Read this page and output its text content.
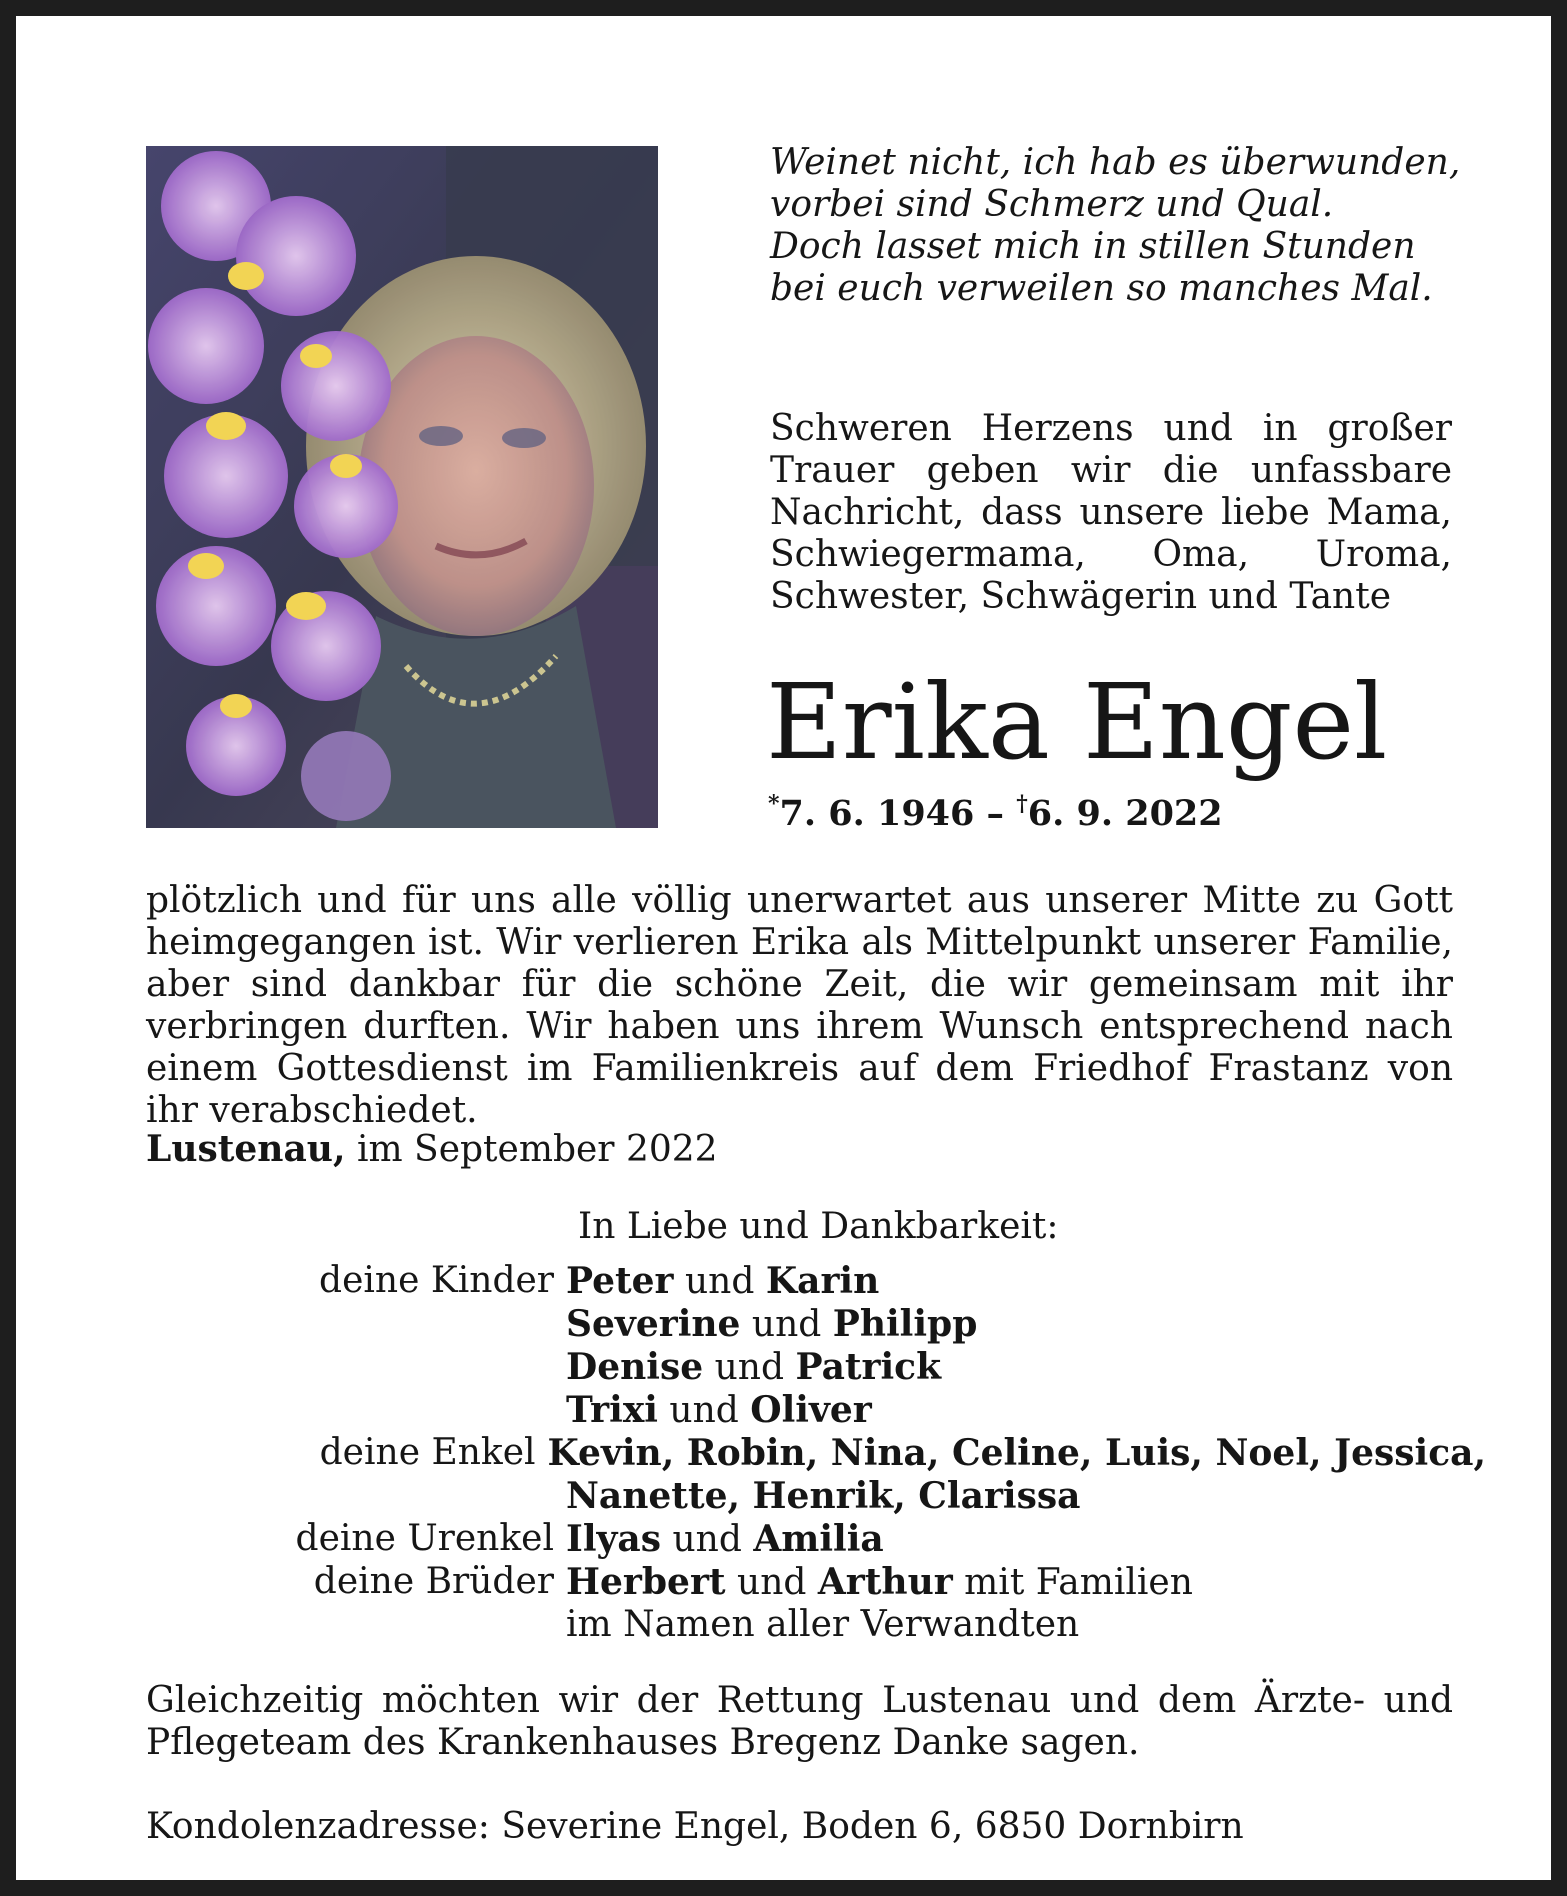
Weinet nicht, ich hab es überwunden,
vorbei sind Schmerz und Qual.
Doch lasset mich in stillen Stunden
bei euch verweilen so manches Mal.
Schweren Herzens und in großer Trauer geben wir die unfassbare Nachricht, dass unsere liebe Mama, Schwiegermama, Oma, Uroma, Schwester, Schwägerin und Tante
Erika Engel
*7. 6. 1946 – †6. 9. 2022
plötzlich und für uns alle völlig unerwartet aus unserer Mitte zu Gott heimgegangen ist. Wir verlieren Erika als Mittelpunkt unserer Familie, aber sind dankbar für die schöne Zeit, die wir gemeinsam mit ihr verbringen durften. Wir haben uns ihrem Wunsch entsprechend nach einem Gottesdienst im Familienkreis auf dem Friedhof Frastanz von ihr verabschiedet.
Lustenau, im September 2022
In Liebe und Dankbarkeit:
deine Kinder Peter und Karin
Severine und Philipp
Denise und Patrick
Trixi und Oliver
deine Enkel Kevin, Robin, Nina, Celine, Luis, Noel, Jessica,
Nanette, Henrik, Clarissa
deine Urenkel Ilyas und Amilia
deine Brüder Herbert und Arthur mit Familien
im Namen aller Verwandten
Gleichzeitig möchten wir der Rettung Lustenau und dem Ärzte- und Pflegeteam des Krankenhauses Bregenz Danke sagen.
Kondolenzadresse: Severine Engel, Boden 6, 6850 Dornbirn
